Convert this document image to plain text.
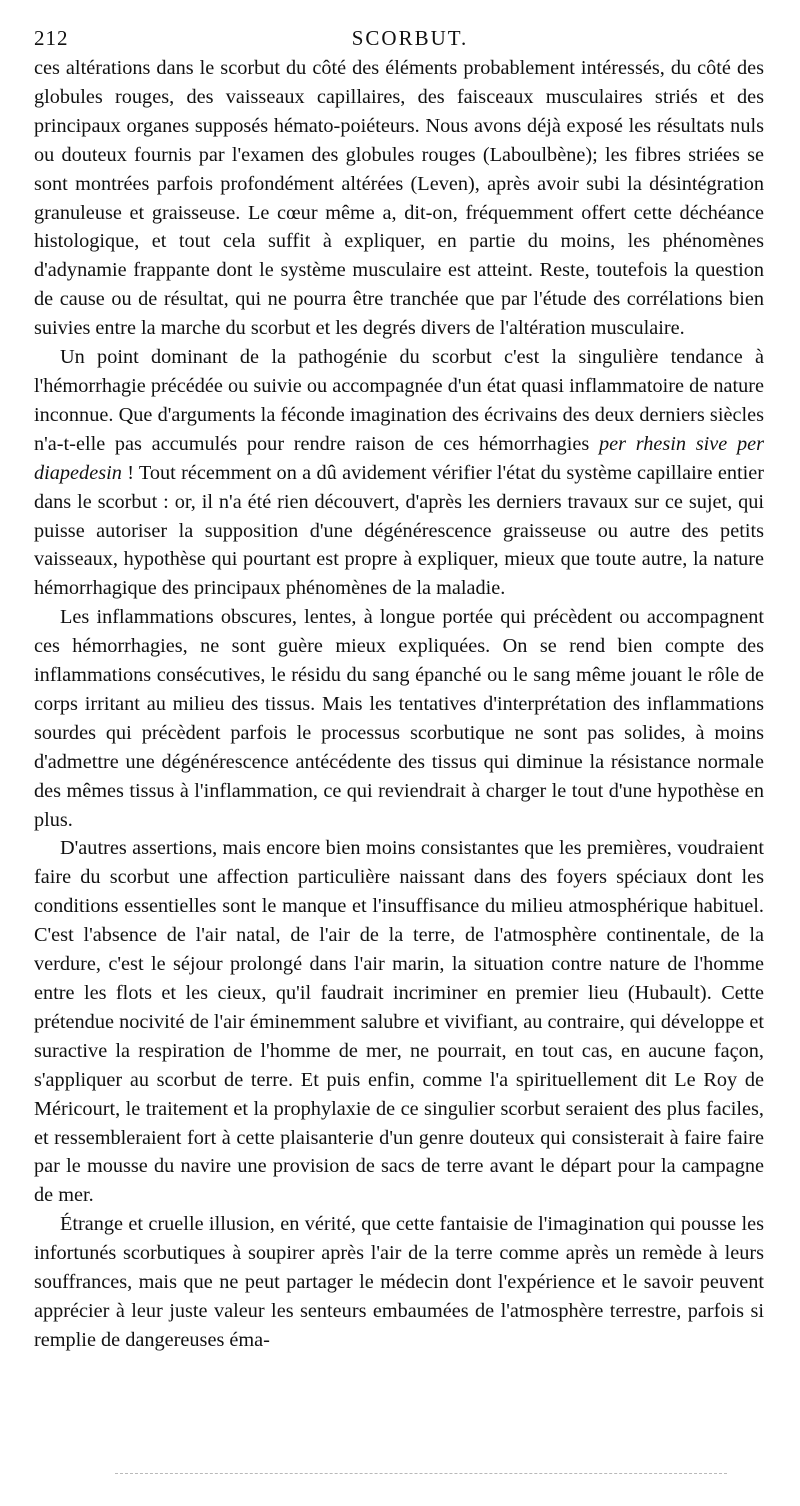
212	SCORBUT.

ces altérations dans le scorbut du côté des éléments probablement intéressés, du côté des globules rouges, des vaisseaux capillaires, des faisceaux musculaires striés et des principaux organes supposés hémato-poiéteurs. Nous avons déjà exposé les résultats nuls ou douteux fournis par l'examen des globules rouges (Laboulbène); les fibres striées se sont montrées parfois profondément altérées (Leven), après avoir subi la désintégration granuleuse et graisseuse. Le cœur même a, dit-on, fréquemment offert cette déchéance histologique, et tout cela suffit à expliquer, en partie du moins, les phénomènes d'adynamie frappante dont le système musculaire est atteint. Reste, toutefois la question de cause ou de résultat, qui ne pourra être tranchée que par l'étude des corrélations bien suivies entre la marche du scorbut et les degrés divers de l'altération musculaire.

Un point dominant de la pathogénie du scorbut c'est la singulière tendance à l'hémorrhagie précédée ou suivie ou accompagnée d'un état quasi inflammatoire de nature inconnue. Que d'arguments la féconde imagination des écrivains des deux derniers siècles n'a-t-elle pas accumulés pour rendre raison de ces hémorrhagies per rhesin sive per diapedesin ! Tout récemment on a dû avidement vérifier l'état du système capillaire entier dans le scorbut : or, il n'a été rien découvert, d'après les derniers travaux sur ce sujet, qui puisse autoriser la supposition d'une dégénérescence graisseuse ou autre des petits vaisseaux, hypothèse qui pourtant est propre à expliquer, mieux que toute autre, la nature hémorrhagique des principaux phénomènes de la maladie.

Les inflammations obscures, lentes, à longue portée qui précèdent ou accompagnent ces hémorrhagies, ne sont guère mieux expliquées. On se rend bien compte des inflammations consécutives, le résidu du sang épanché ou le sang même jouant le rôle de corps irritant au milieu des tissus. Mais les tentatives d'interprétation des inflammations sourdes qui précèdent parfois le processus scorbutique ne sont pas solides, à moins d'admettre une dégénérescence antécédente des tissus qui diminue la résistance normale des mêmes tissus à l'inflammation, ce qui reviendrait à charger le tout d'une hypothèse en plus.

D'autres assertions, mais encore bien moins consistantes que les premières, voudraient faire du scorbut une affection particulière naissant dans des foyers spéciaux dont les conditions essentielles sont le manque et l'insuffisance du milieu atmosphérique habituel. C'est l'absence de l'air natal, de l'air de la terre, de l'atmosphère continentale, de la verdure, c'est le séjour prolongé dans l'air marin, la situation contre nature de l'homme entre les flots et les cieux, qu'il faudrait incriminer en premier lieu (Hubault). Cette prétendue nocivité de l'air éminemment salubre et vivifiant, au contraire, qui développe et suractive la respiration de l'homme de mer, ne pourrait, en tout cas, en aucune façon, s'appliquer au scorbut de terre. Et puis enfin, comme l'a spirituellement dit Le Roy de Méricourt, le traitement et la prophylaxie de ce singulier scorbut seraient des plus faciles, et ressembleraient fort à cette plaisanterie d'un genre douteux qui consisterait à faire faire par le mousse du navire une provision de sacs de terre avant le départ pour la campagne de mer.

Étrange et cruelle illusion, en vérité, que cette fantaisie de l'imagination qui pousse les infortunés scorbutiques à soupirer après l'air de la terre comme après un remède à leurs souffrances, mais que ne peut partager le médecin dont l'expérience et le savoir peuvent apprécier à leur juste valeur les senteurs embaumées de l'atmosphère terrestre, parfois si remplie de dangereuses éma-
